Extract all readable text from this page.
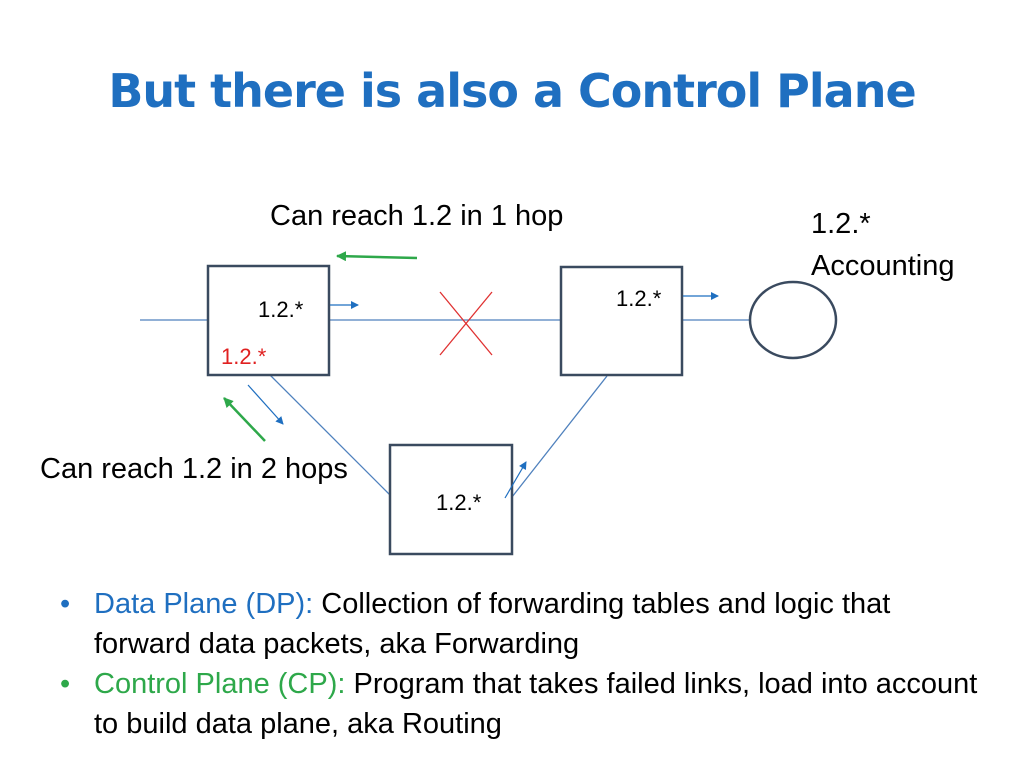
But there is also a Control Plane
Can reach 1.2 in 1 hop
Can reach 1.2 in 2 hops
1.2.*
Accounting
1.2.*
1.2.*
1.2.*
1.2.*
• Data Plane (DP): Collection of forwarding tables and logic that forward data packets, aka Forwarding
• Control Plane (CP): Program that takes failed links, load into account to build data plane, aka Routing
